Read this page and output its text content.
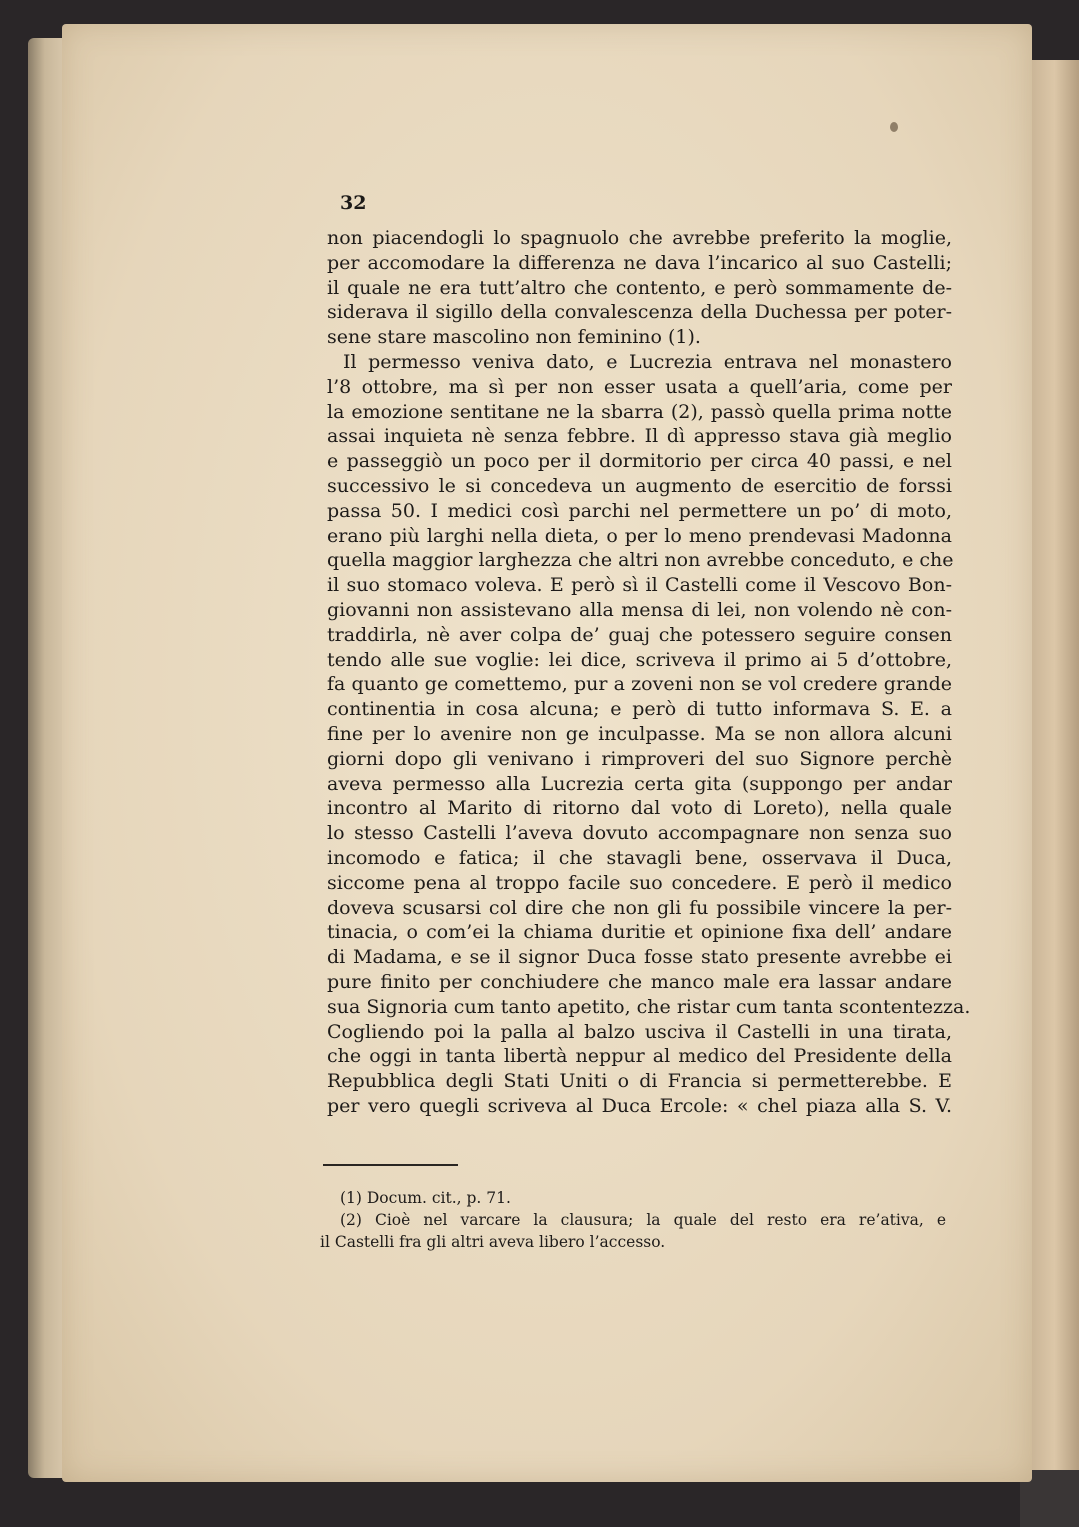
32
non piacendogli lo spagnuolo che avrebbe preferito la moglie,
per accomodare la differenza ne dava l’incarico al suo Castelli;
il quale ne era tutt’altro che contento, e però sommamente de-
siderava il sigillo della convalescenza della Duchessa per poter-
sene stare mascolino non feminino (1).
Il permesso veniva dato, e Lucrezia entrava nel monastero
l’8 ottobre, ma sì per non esser usata a quell’aria, come per
la emozione sentitane ne la sbarra (2), passò quella prima notte
assai inquieta nè senza febbre. Il dì appresso stava già meglio
e passeggiò un poco per il dormitorio per circa 40 passi, e nel
successivo le si concedeva un augmento de esercitio de forssi
passa 50. I medici così parchi nel permettere un po’ di moto,
erano più larghi nella dieta, o per lo meno prendevasi Madonna
quella maggior larghezza che altri non avrebbe conceduto, e che
il suo stomaco voleva. E però sì il Castelli come il Vescovo Bon-
giovanni non assistevano alla mensa di lei, non volendo nè con-
traddirla, nè aver colpa de’ guaj che potessero seguire consen
tendo alle sue voglie: lei dice, scriveva il primo ai 5 d’ottobre,
fa quanto ge comettemo, pur a zoveni non se vol credere grande
continentia in cosa alcuna; e però di tutto informava S. E. a
fine per lo avenire non ge inculpasse. Ma se non allora alcuni
giorni dopo gli venivano i rimproveri del suo Signore perchè
aveva permesso alla Lucrezia certa gita (suppongo per andar
incontro al Marito di ritorno dal voto di Loreto), nella quale
lo stesso Castelli l’aveva dovuto accompagnare non senza suo
incomodo e fatica; il che stavagli bene, osservava il Duca,
siccome pena al troppo facile suo concedere. E però il medico
doveva scusarsi col dire che non gli fu possibile vincere la per-
tinacia, o com’ei la chiama duritie et opinione fixa dell’ andare
di Madama, e se il signor Duca fosse stato presente avrebbe ei
pure finito per conchiudere che manco male era lassar andare
sua Signoria cum tanto apetito, che ristar cum tanta scontentezza.
Cogliendo poi la palla al balzo usciva il Castelli in una tirata,
che oggi in tanta libertà neppur al medico del Presidente della
Repubblica degli Stati Uniti o di Francia si permetterebbe. E
per vero quegli scriveva al Duca Ercole: « chel piaza alla S. V.
(1) Docum. cit., p. 71.
(2) Cioè nel varcare la clausura; la quale del resto era re’ativa, e
il Castelli fra gli altri aveva libero l’accesso.
